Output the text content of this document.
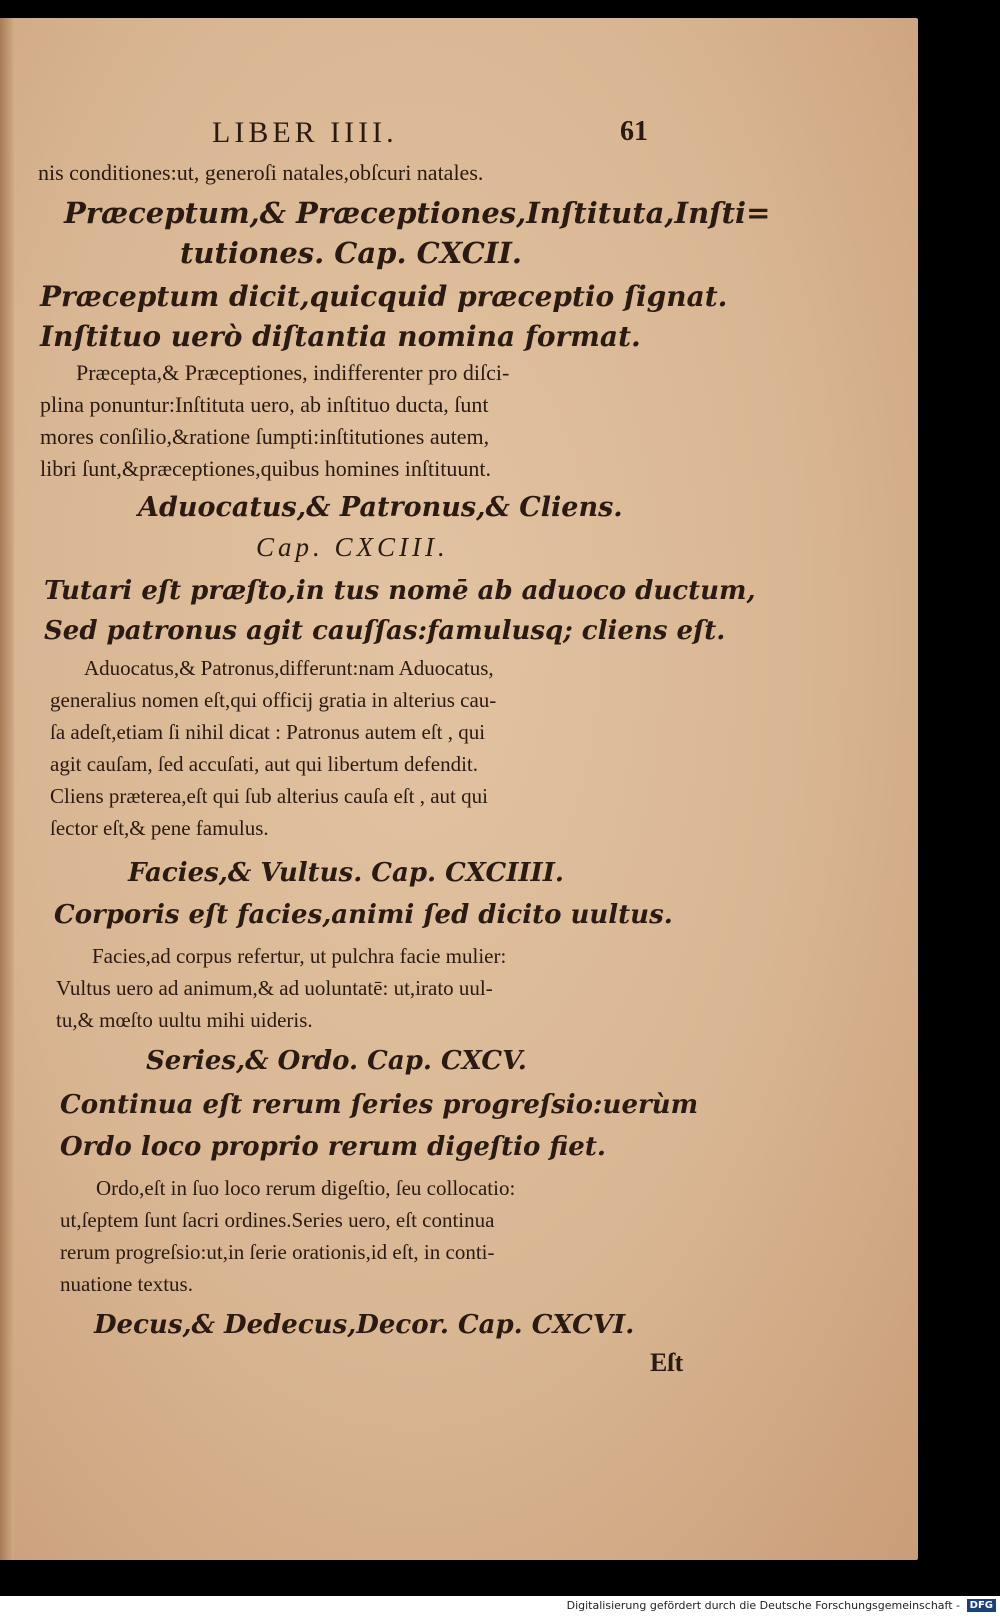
LIBER IIII.	61
nis conditiones:ut, generoſi natales,obſcuri natales.
Præceptum,& Præceptiones,Inſtituta,Inſti=
tutiones. Cap. CXCII.
Præceptum dicit,quicquid præceptio ſignat.
Inſtituo uerò diſtantia nomina format.
Præcepta,& Præceptiones, indifferenter pro diſci-
plina ponuntur:Inſtituta uero, ab inſtituo ducta, ſunt
mores conſilio,&ratione ſumpti:inſtitutiones autem,
libri ſunt,&præceptiones,quibus homines inſtituunt.
Aduocatus,& Patronus,& Cliens.
Cap. CXCIII.
Tutari eſt præſto,in tus nomē ab aduoco ductum,
Sed patronus agit cauſſas:famulusq; cliens eſt.
Aduocatus,& Patronus,differunt:nam Aduocatus,
generalius nomen eſt,qui officij gratia in alterius cau-
ſa adeſt,etiam ſi nihil dicat : Patronus autem eſt , qui
agit cauſam, ſed accuſati, aut qui libertum defendit.
Cliens præterea,eſt qui ſub alterius cauſa eſt , aut qui
ſector eſt,& pene famulus.
Facies,& Vultus. Cap. CXCIIII.
Corporis eſt facies,animi ſed dicito uultus.
Facies,ad corpus refertur, ut pulchra facie mulier:
Vultus uero ad animum,& ad uoluntatē: ut,irato uul-
tu,& mœſto uultu mihi uideris.
Series,& Ordo. Cap. CXCV.
Continua eſt rerum ſeries progreſsio:uerùm
Ordo loco proprio rerum digeſtio fiet.
Ordo,eſt in ſuo loco rerum digeſtio, ſeu collocatio:
ut,ſeptem ſunt ſacri ordines.Series uero, eſt continua
rerum progreſsio:ut,in ſerie orationis,id eſt, in conti-
nuatione textus.
Decus,& Dedecus,Decor. Cap. CXCVI.
Eſt
Digitalisierung gefördert durch die Deutsche Forschungsgemeinschaft - DFG
